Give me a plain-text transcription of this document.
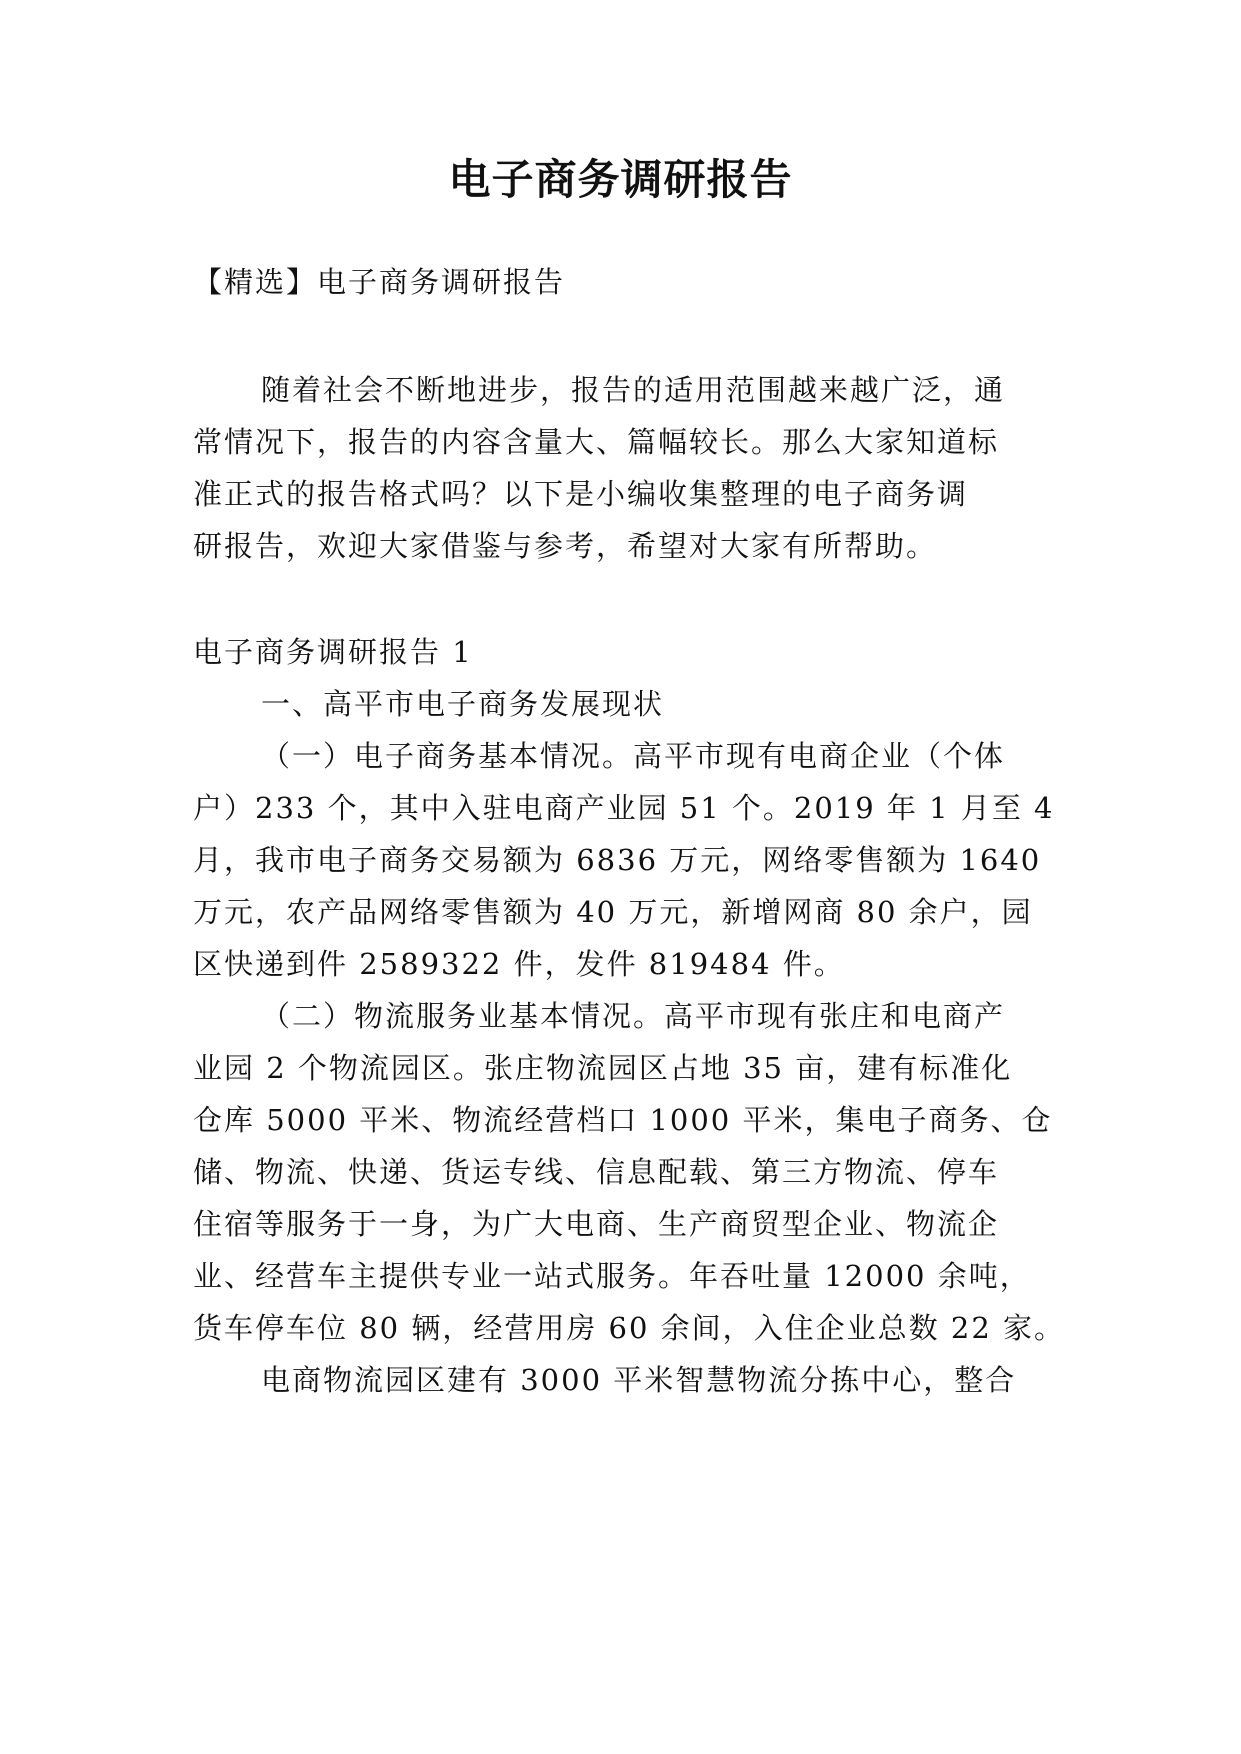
电子商务调研报告

【精选】电子商务调研报告

随着社会不断地进步，报告的适用范围越来越广泛，通

常情况下，报告的内容含量大、篇幅较长。那么大家知道标

准正式的报告格式吗？以下是小编收集整理的电子商务调

研报告，欢迎大家借鉴与参考，希望对大家有所帮助。

电子商务调研报告 1

一、高平市电子商务发展现状

（一）电子商务基本情况。高平市现有电商企业（个体

户）233 个，其中入驻电商产业园 51 个。2019 年 1 月至 4

月，我市电子商务交易额为 6836 万元，网络零售额为 1640

万元，农产品网络零售额为 40 万元，新增网商 80 余户，园

区快递到件 2589322 件，发件 819484 件。

（二）物流服务业基本情况。高平市现有张庄和电商产

业园 2 个物流园区。张庄物流园区占地 35 亩，建有标准化

仓库 5000 平米、物流经营档口 1000 平米，集电子商务、仓

储、物流、快递、货运专线、信息配载、第三方物流、停车

住宿等服务于一身，为广大电商、生产商贸型企业、物流企

业、经营车主提供专业一站式服务。年吞吐量 12000 余吨，

货车停车位 80 辆，经营用房 60 余间，入住企业总数 22 家。

电商物流园区建有 3000 平米智慧物流分拣中心，整合
